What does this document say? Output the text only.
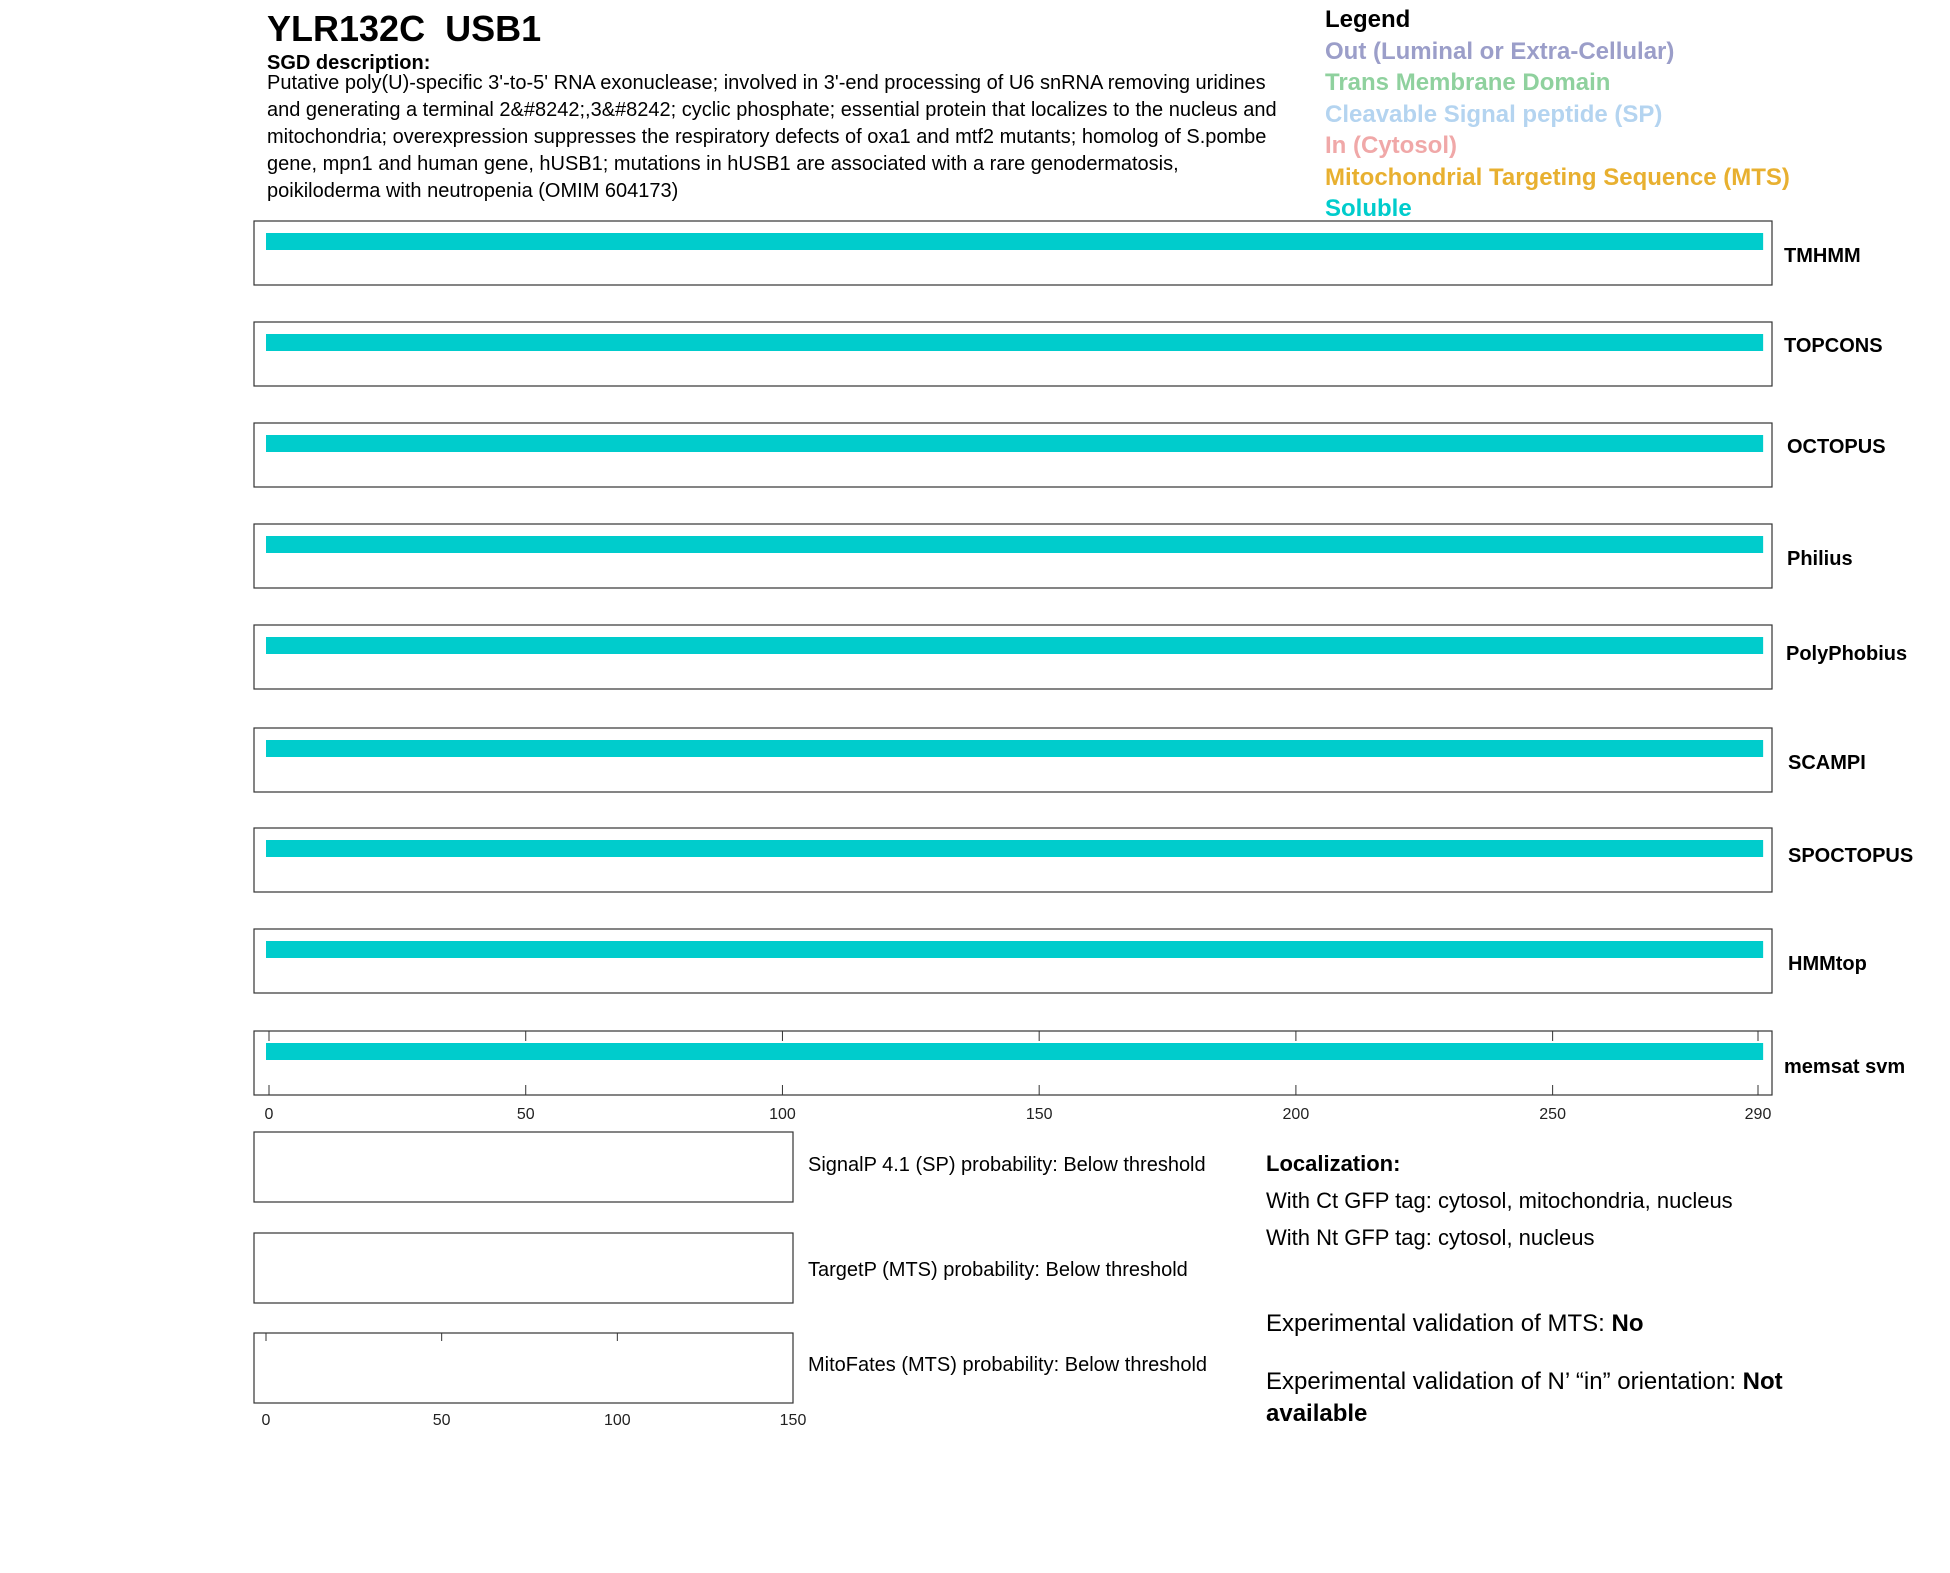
YLR132C  USB1
SGD description:
Putative poly(U)-specific 3'-to-5' RNA exonuclease; involved in 3'-end processing of U6 snRNA removing uridines and generating a terminal 2&#8242;,3&#8242; cyclic phosphate; essential protein that localizes to the nucleus and mitochondria; overexpression suppresses the respiratory defects of oxa1 and mtf2 mutants; homolog of S.pombe gene, mpn1 and human gene, hUSB1; mutations in hUSB1 are associated with a rare genodermatosis, poikiloderma with neutropenia (OMIM 604173)
Legend
Out (Luminal or Extra-Cellular)
Trans Membrane Domain
Cleavable Signal peptide (SP)
In (Cytosol)
Mitochondrial Targeting Sequence (MTS)
Soluble
TMHMM
TOPCONS
OCTOPUS
Philius
PolyPhobius
SCAMPI
SPOCTOPUS
HMMtop
memsat svm
0	50	100	150	200	250	290
0	50	100	150
SignalP 4.1 (SP) probability: Below threshold
TargetP (MTS) probability: Below threshold
MitoFates (MTS) probability: Below threshold
Localization:
With Ct GFP tag: cytosol, mitochondria, nucleus
With Nt GFP tag: cytosol, nucleus
Experimental validation of MTS: No
Experimental validation of N’ “in” orientation: Not available
